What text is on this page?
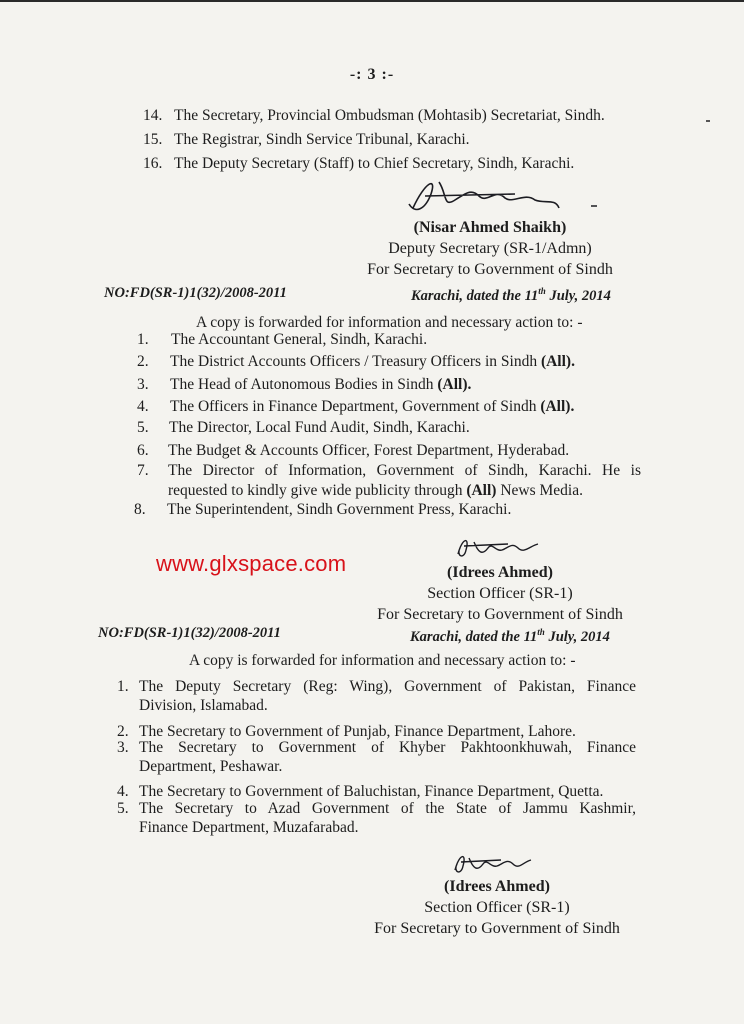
-: 3 :-
14. The Secretary, Provincial Ombudsman (Mohtasib) Secretariat, Sindh.
15. The Registrar, Sindh Service Tribunal, Karachi.
16. The Deputy Secretary (Staff) to Chief Secretary, Sindh, Karachi.
(Nisar Ahmed Shaikh)
Deputy Secretary (SR-1/Admn)
For Secretary to Government of Sindh
NO:FD(SR-1)1(32)/2008-2011	Karachi, dated the 11th July, 2014
A copy is forwarded for information and necessary action to: -
1. The Accountant General, Sindh, Karachi.
2. The District Accounts Officers / Treasury Officers in Sindh (All).
3. The Head of Autonomous Bodies in Sindh (All).
4. The Officers in Finance Department, Government of Sindh (All).
5. The Director, Local Fund Audit, Sindh, Karachi.
6. The Budget & Accounts Officer, Forest Department, Hyderabad.
7. The Director of Information, Government of Sindh, Karachi. He is
requested to kindly give wide publicity through (All) News Media.
8. The Superintendent, Sindh Government Press, Karachi.
www.glxspace.com	(Idrees Ahmed)
Section Officer (SR-1)
For Secretary to Government of Sindh
NO:FD(SR-1)1(32)/2008-2011	Karachi, dated the 11th July, 2014
A copy is forwarded for information and necessary action to: -
1. The Deputy Secretary (Reg: Wing), Government of Pakistan, Finance
Division, Islamabad.
2. The Secretary to Government of Punjab, Finance Department, Lahore.
3. The Secretary to Government of Khyber Pakhtoonkhuwah, Finance
Department, Peshawar.
4. The Secretary to Government of Baluchistan, Finance Department, Quetta.
5. The Secretary to Azad Government of the State of Jammu Kashmir,
Finance Department, Muzafarabad.
(Idrees Ahmed)
Section Officer (SR-1)
For Secretary to Government of Sindh
